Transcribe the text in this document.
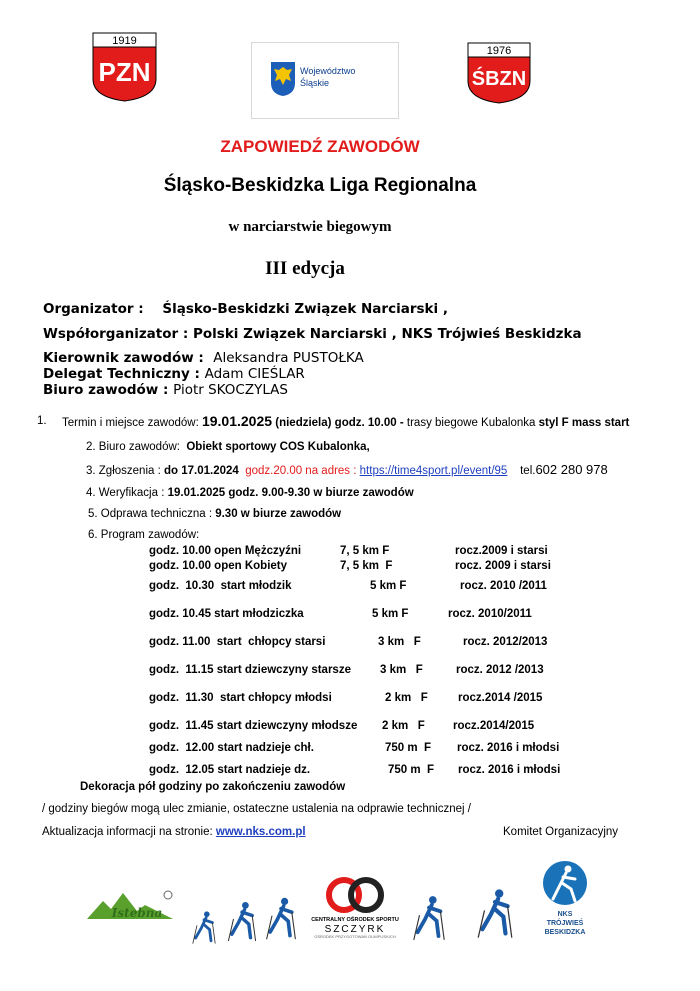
1919
PZN	Województwo
Śląskie
1976
ŚBZN
ZAPOWIEDŹ ZAWODÓW
Śląsko-Beskidzka Liga Regionalna
w narciarstwie biegowym
III edycja
Organizator : Śląsko-Beskidzki Związek Narciarski ,
Współorganizator : Polski Związek Narciarski , NKS Trójwieś Beskidzka
Kierownik zawodów : Aleksandra PUSTOŁKA
Delegat Techniczny : Adam CIEŚLAR
Biuro zawodów : Piotr SKOCZYLAS
1. Termin i miejsce zawodów: 19.01.2025 (niedziela) godz. 10.00 - trasy biegowe Kubalonka styl F mass start
2. Biuro zawodów: Obiekt sportowy COS Kubalonka,
3. Zgłoszenia : do 17.01.2024 godz.20.00 na adres : https://time4sport.pl/event/95 tel.602 280 978
4. Weryfikacja : 19.01.2025 godz. 9.00-9.30 w biurze zawodów
5. Odprawa techniczna : 9.30 w biurze zawodów
6. Program zawodów:
godz. 10.00 open Mężczyźni	7, 5 km F	rocz.2009 i starsi
godz. 10.00 open Kobiety	7, 5 km  F	rocz. 2009 i starsi
godz.  10.30  start młodzik	5 km F	rocz. 2010 /2011
godz. 10.45 start młodziczka	5 km F	rocz. 2010/2011
godz. 11.00  start  chłopcy starsi	3 km   F	rocz. 2012/2013
godz.  11.15 start dziewczyny starsze	3 km   F	rocz. 2012 /2013
godz.  11.30  start chłopcy młodsi	2 km   F	rocz.2014 /2015
godz.  11.45 start dziewczyny młodsze 2 km   F rocz.2014/2015
godz.  12.00 start nadzieje chł.	750 m  F rocz. 2016 i młodsi
godz.  12.05 start nadzieje dz.	750 m  F rocz. 2016 i młodsi
Dekoracja pół godziny po zakończeniu zawodów
/ godziny biegów mogą ulec zmianie, ostateczne ustalenia na odprawie technicznej /
Aktualizacja informacji na stronie: www.nks.com.pl	Komitet Organizacyjny
Istebna	CENTRALNY OŚRODEK SPORTU
SZCZYRK
OŚRODEK PRZYGOTOWAŃ OLIMPIJSKICH
NKS
TRÓJWIEŚ
BESKIDZKA
